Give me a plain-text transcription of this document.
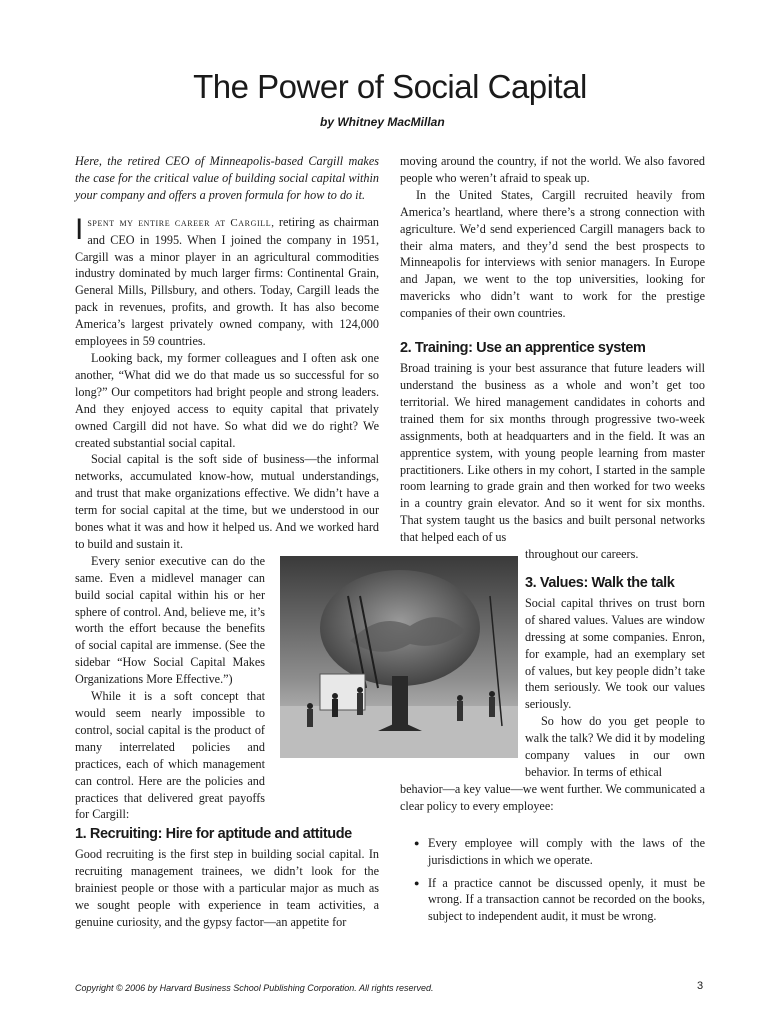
The Power of Social Capital
by Whitney MacMillan

Here, the retired CEO of Minneapolis-based Cargill makes the case for the critical value of building social capital within your company and offers a proven formula for how to do it.

Ispent my entire career at Cargill, retiring as chairman and CEO in 1995. When I joined the company in 1951, Cargill was a minor player in an agricultural commodities industry dominated by much larger firms: Continental Grain, General Mills, Pillsbury, and others. Today, Cargill leads the pack in revenues, profits, and growth. It has also become America’s largest privately owned company, with 124,000 employees in 59 countries.

Looking back, my former colleagues and I often ask one another, “What did we do that made us so successful for so long?” Our competitors had bright people and strong leaders. And they enjoyed access to equity capital that privately owned Cargill did not have. So what did we do right? We created substantial social capital.

Social capital is the soft side of business—the informal networks, accumulated know-how, mutual understandings, and trust that make organizations effective. We didn’t have a term for social capital at the time, but we understood in our bones what it was and how it helped us. And we worked hard to build and sustain it.

Every senior executive can do the same. Even a midlevel manager can build social capital within his or her sphere of control. And, believe me, it’s worth the effort because the benefits of social capital are immense. (See the sidebar “How Social Capital Makes Organizations More Effective.”)

While it is a soft concept that would seem nearly impossible to control, social capital is the product of many interrelated policies and practices, each of which management can control. Here are the policies and practices that delivered great payoffs for Cargill:

moving around the country, if not the world. We also favored people who weren’t afraid to speak up.

In the United States, Cargill recruited heavily from America’s heartland, where there’s a strong connection with agriculture. We’d send experienced Cargill managers back to their alma maters, and they’d send the best prospects to Minneapolis for interviews with senior managers. In Europe and Japan, we went to the top universities, looking for mavericks who didn’t want to work for the prestige companies of their own countries.

2. Training: Use an apprentice system

Broad training is your best assurance that future leaders will understand the business as a whole and won’t get too territorial. We hired management candidates in cohorts and trained them for six months through progressive two-week assignments, both at headquarters and in the field. It was an apprentice system, with young people learning from master practitioners. Like others in my cohort, I started in the sample room learning to grade grain and then worked for two weeks in a country grain elevator. And so it went for six months. That system taught us the basics and built personal networks that helped each of us

throughout our careers.

3. Values: Walk the talk

Social capital thrives on trust born of shared values. Values are window dressing at some companies. Enron, for example, had an exemplary set of values, but key people didn’t take them seriously. We took our values seriously.

So how do you get people to walk the talk? We did it by modeling company values in our own behavior. In terms of ethical

behavior—a key value—we went further. We communicated a clear policy to every employee:

● Every employee will comply with the laws of the jurisdictions in which we operate.
● If a practice cannot be discussed openly, it must be wrong. If a transaction cannot be recorded on the books, subject to independent audit, it must be wrong.
1. Recruiting: Hire for aptitude and attitude

Good recruiting is the first step in building social capital. In recruiting management trainees, we didn’t look for the brainiest people or those with a particular major as much as we sought people with experience in team activities, a genuine curiosity, and the gypsy factor—an appetite for

Copyright © 2006 by Harvard Business School Publishing Corporation. All rights reserved.	3
